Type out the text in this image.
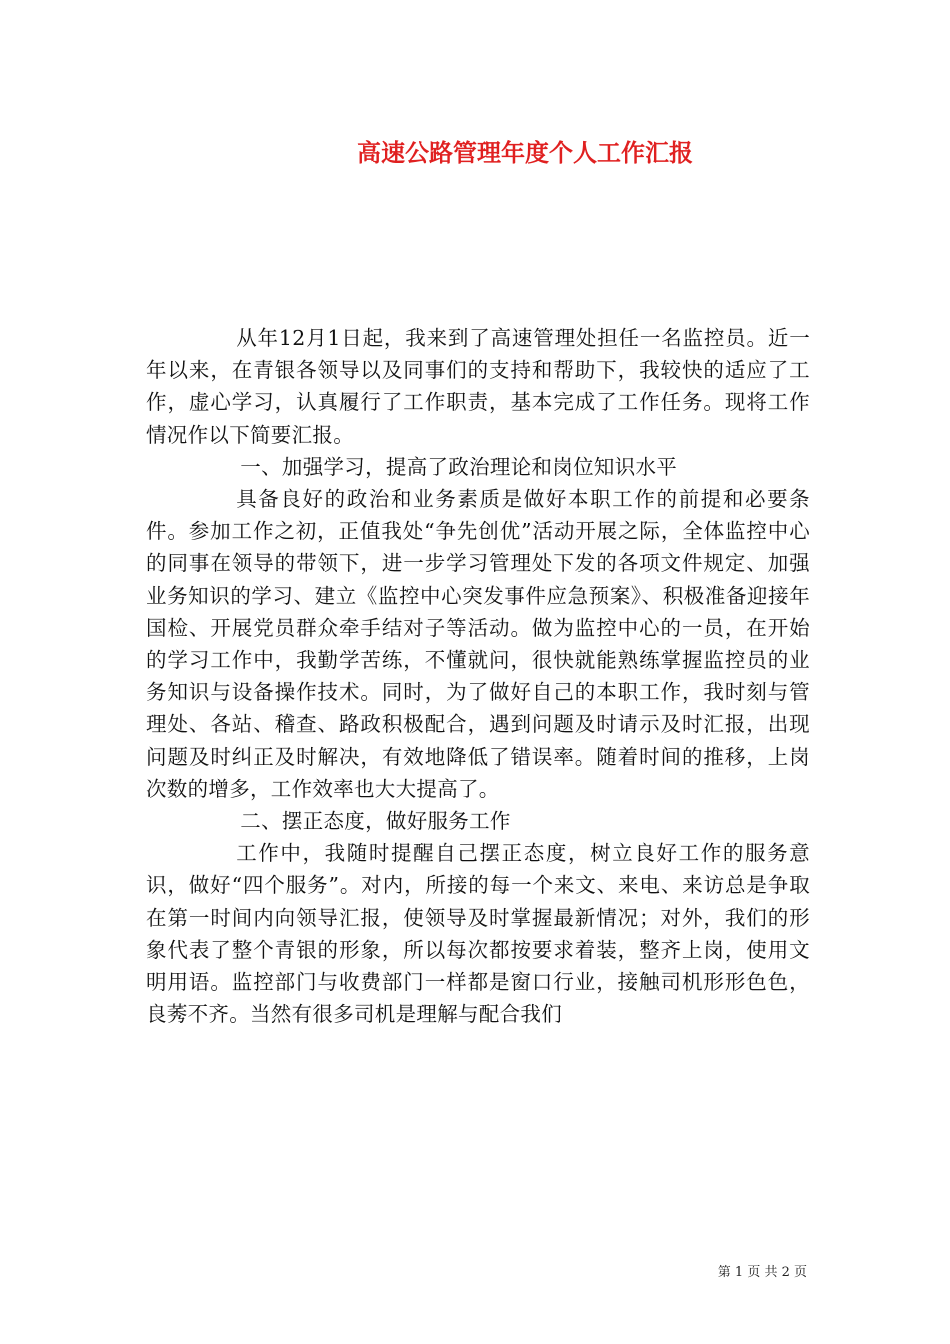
高速公路管理年度个人工作汇报

从年12月1日起，我来到了高速管理处担任一名监控员。近一年以来，在青银各领导以及同事们的支持和帮助下，我较快的适应了工作，虚心学习，认真履行了工作职责，基本完成了工作任务。现将工作情况作以下简要汇报。

一、加强学习，提高了政治理论和岗位知识水平

具备良好的政治和业务素质是做好本职工作的前提和必要条件。参加工作之初，正值我处“争先创优”活动开展之际，全体监控中心的同事在领导的带领下，进一步学习管理处下发的各项文件规定、加强业务知识的学习、建立《监控中心突发事件应急预案》、积极准备迎接年国检、开展党员群众牵手结对子等活动。做为监控中心的一员，在开始的学习工作中，我勤学苦练，不懂就问，很快就能熟练掌握监控员的业务知识与设备操作技术。同时，为了做好自己的本职工作，我时刻与管理处、各站、稽查、路政积极配合，遇到问题及时请示及时汇报，出现问题及时纠正及时解决，有效地降低了错误率。随着时间的推移，上岗次数的增多，工作效率也大大提高了。

二、摆正态度，做好服务工作

工作中，我随时提醒自己摆正态度，树立良好工作的服务意识，做好“四个服务”。对内，所接的每一个来文、来电、来访总是争取在第一时间内向领导汇报，使领导及时掌握最新情况；对外，我们的形象代表了整个青银的形象，所以每次都按要求着装，整齐上岗，使用文明用语。监控部门与收费部门一样都是窗口行业，接触司机形形色色，良莠不齐。当然有很多司机是理解与配合我们

第 1 页 共 2 页
